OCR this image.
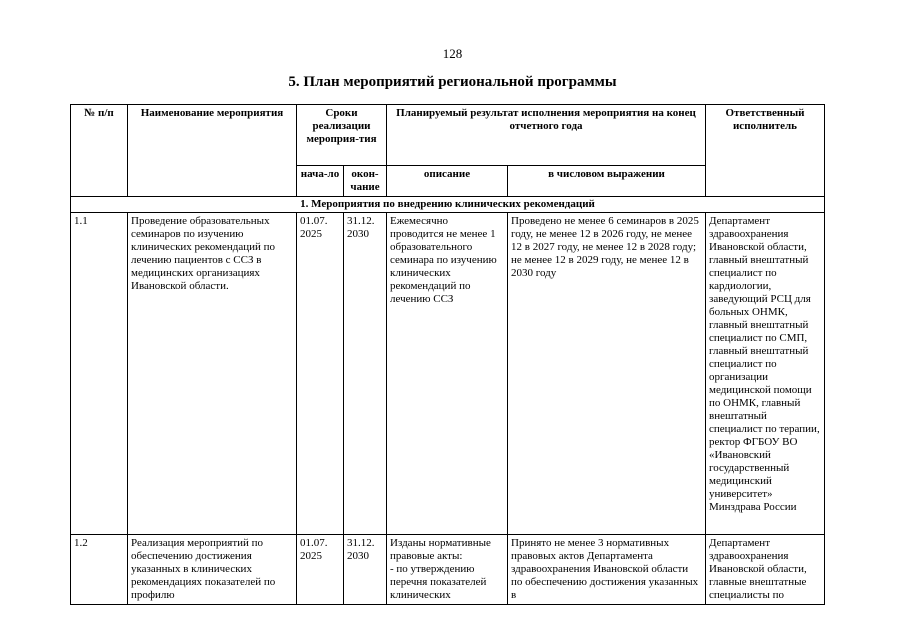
128
5. План мероприятий региональной программы
№ п/п	Наименование мероприятия	Сроки реализации мероприя-тия		Планируемый результат исполнения мероприятия на конец отчетного года		Ответственный исполнитель
		нача-ло	окон-чание	описание	в числовом выражении	
1. Мероприятия по внедрению клинических рекомендаций						
1.1	Проведение образовательных семинаров по изучению клинических рекомендаций по лечению пациентов с ССЗ в медицинских организациях Ивановской области.	01.07. 2025	31.12. 2030	Ежемесячно проводится не менее 1 образовательного семинара по изучению клинических рекомендаций по лечению ССЗ	Проведено не менее 6 семинаров в 2025 году, не менее 12 в 2026 году, не менее 12 в 2027 году, не менее 12 в 2028 году; не менее 12 в 2029 году, не менее 12 в 2030 году	Департамент здравоохранения Ивановской области, главный внештатный специалист по кардиологии, заведующий РСЦ для больных ОНМК, главный внештатный специалист по СМП, главный внештатный специалист по организации медицинской помощи по ОНМК, главный внештатный специалист по терапии, ректор ФГБОУ ВО «Ивановский государственный медицинский университет» Минздрава России
1.2	Реализация мероприятий по обеспечению достижения указанных в клинических рекомендациях показателей по профилю	01.07. 2025	31.12. 2030	Изданы нормативные
правовые акты:
- по утверждению
перечня показателей
клинических	Принято не менее 3 нормативных правовых актов Департамента здравоохранения Ивановской области по обеспечению достижения указанных в	Департамент здравоохранения Ивановской области, главные внештатные специалисты по
